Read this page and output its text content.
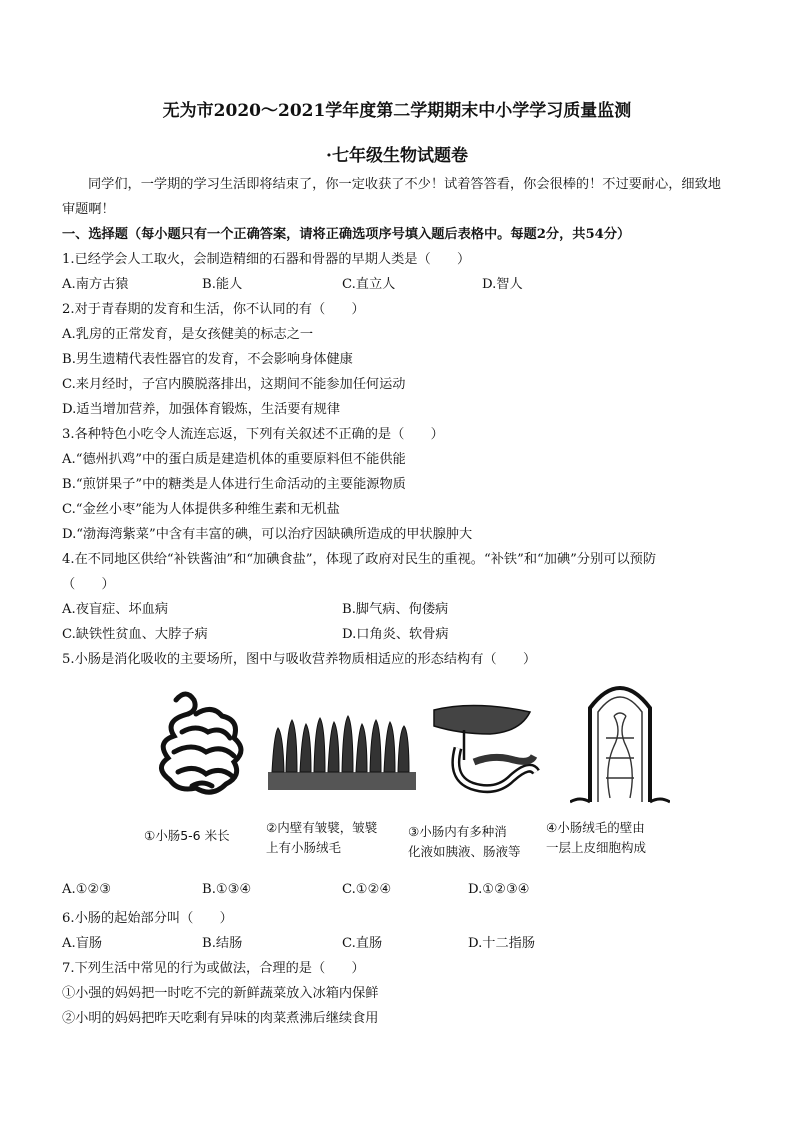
无为市2020～2021学年度第二学期期末中小学学习质量监测
·七年级生物试题卷
同学们，一学期的学习生活即将结束了，你一定收获了不少！试着答答看，你会很棒的！不过要耐心，细致地审题啊！
一、选择题（每小题只有一个正确答案，请将正确选项序号填入题后表格中。每题2分，共54分）
1.已经学会人工取火，会制造精细的石器和骨器的早期人类是（　　）
A.南方古猿	B.能人	C.直立人	D.智人
2.对于青春期的发育和生活，你不认同的有（　　）
A.乳房的正常发育，是女孩健美的标志之一
B.男生遗精代表性器官的发育，不会影响身体健康
C.来月经时，子宫内膜脱落排出，这期间不能参加任何运动
D.适当增加营养，加强体育锻炼，生活要有规律
3.各种特色小吃令人流连忘返，下列有关叙述不正确的是（　　）
A.“德州扒鸡”中的蛋白质是建造机体的重要原料但不能供能
B.“煎饼果子”中的糖类是人体进行生命活动的主要能源物质
C.“金丝小枣”能为人体提供多种维生素和无机盐
D.“渤海湾紫菜”中含有丰富的碘，可以治疗因缺碘所造成的甲状腺肿大
4.在不同地区供给“补铁酱油”和“加碘食盐”，体现了政府对民生的重视。“补铁”和“加碘”分别可以预防
（　　）
A.夜盲症、坏血病	B.脚气病、佝偻病
C.缺铁性贫血、大脖子病	D.口角炎、软骨病
5.小肠是消化吸收的主要场所，图中与吸收营养物质相适应的形态结构有（　　）
①小肠5-6 米长
②内壁有皱襞，皱襞
上有小肠绒毛
③小肠内有多种消
化液如胰液、肠液等
④小肠绒毛的壁由
一层上皮细胞构成
A.①②③	B.①③④	C.①②④	D.①②③④
6.小肠的起始部分叫（　　）
A.盲肠	B.结肠	C.直肠	D.十二指肠
7.下列生活中常见的行为或做法，合理的是（　　）
①小强的妈妈把一时吃不完的新鲜蔬菜放入冰箱内保鲜
②小明的妈妈把昨天吃剩有异味的肉菜煮沸后继续食用
